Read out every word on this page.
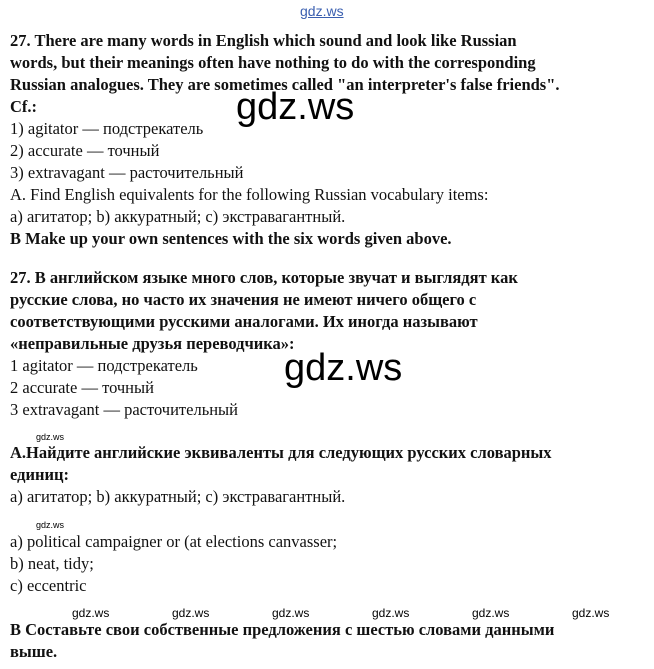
gdz.ws
27. There are many words in English which sound and look like Russian
words, but their meanings often have nothing to do with the corresponding
Russian analogues. They are sometimes called "an interpreter's false friends".
Cf.:
1) agitator — подстрекатель
2) accurate — точный
3) extravagant — расточительный
A. Find English equivalents for the following Russian vocabulary items:
а) агитатор; b) аккуратный; с) экстравагантный.
B Make up your own sentences with the six words given above.
gdz.ws
27. В английском языке много слов, которые звучат и выглядят как
русские слова, но часто их значения не имеют ничего общего с
соответствующими русскими аналогами. Их иногда называют
«неправильные друзья переводчика»:
1 agitator — подстрекатель
2 accurate — точный
3 extravagant — расточительный
gdz.ws
gdz.ws
A.Найдите английские эквиваленты для следующих русских словарных
единиц:
а) агитатор; b) аккуратный; с) экстравагантный.
gdz.ws
a) political campaigner or (at elections canvasser;
b) neat, tidy;
c) eccentric
gdz.ws	gdz.ws	gdz.ws	gdz.ws	gdz.ws	gdz.ws
B Составьте свои собственные предложения с шестью словами данными
выше.
